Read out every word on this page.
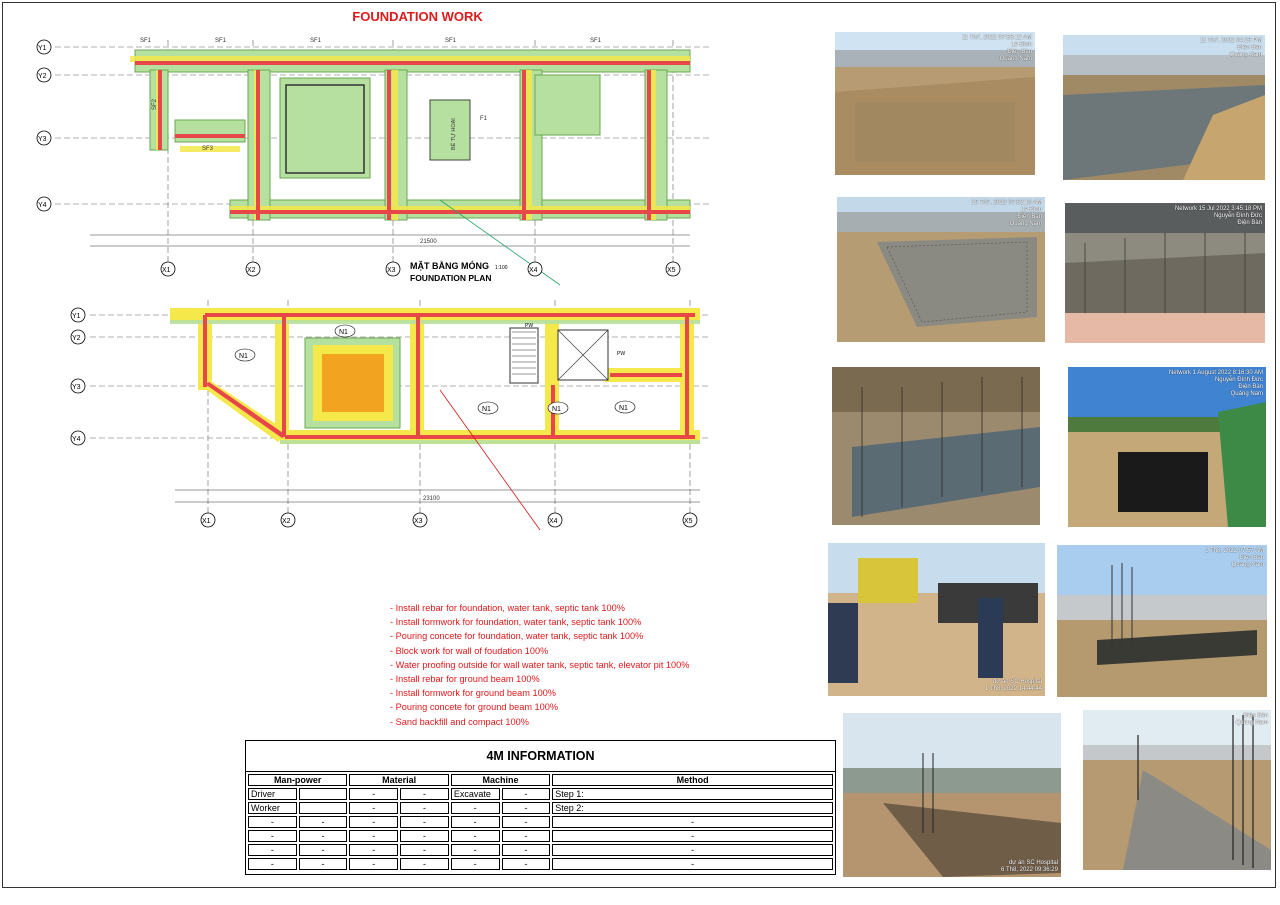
FOUNDATION WORK
SF1	SF1	SF1	SF1	SF1
SF2
SF3
F1
BỂ TỰ HOẠI
21500
Y1
Y2
Y3
Y4
X1	X2	X3	X4	X5
MẶT BẰNG MÓNG 1:100
FOUNDATION PLAN
N1
N1
N1	N1
N1
PW
PW
23100
Y1
Y2
Y3
Y4
X1	X2	X3	X4	X5
- Install rebar for foundation, water tank, septic tank 100%
- Install formwork for foundation, water tank, septic tank 100%
- Pouring concete for foundation, water tank, septic tank 100%
- Block work for wall of foudation 100%
- Water proofing outside for wall water tank, septic tank, elevator pit 100%
- Install rebar for ground beam 100%
- Install formwork for ground beam 100%
- Pouring concete for ground beam 100%
- Sand backfill and compact 100%
4M INFORMATION
Man-power		Material		Machine		Method
Driver		-	-	Excavate	-	Step 1:
Worker		-	-	-	-	Step 2:
-	-	-	-	-	-	-
-	-	-	-	-	-	-
-	-	-	-	-	-	-
-	-	-	-	-	-	-
11 Th7, 2022 07:55:12 AM
Lê Đình
Điện Bàn
Quảng Nam
11 Th7, 2022 04:25 PM
Điện Bàn
Quảng Nam
15 Th7, 2022 07:52:10 AM
Lê Đình
Điện Bàn
Quảng Nam
Network 15 Jul 2022 3:45:18 PM
Nguyễn Đình Đức
Điện Bàn
Network 1 August 2022 8:16:30 AM
Nguyễn Đình Đức
Điện Bàn
Quảng Nam
dự án SC Hospital
1 Th8, 2022 14:44:44
1 Th8, 2022 07:57 AM
Điện Bàn
Quảng Nam
dự án SC Hospital
6 Th8, 2022 09:36:29
Điện Bàn
Quảng Nam
